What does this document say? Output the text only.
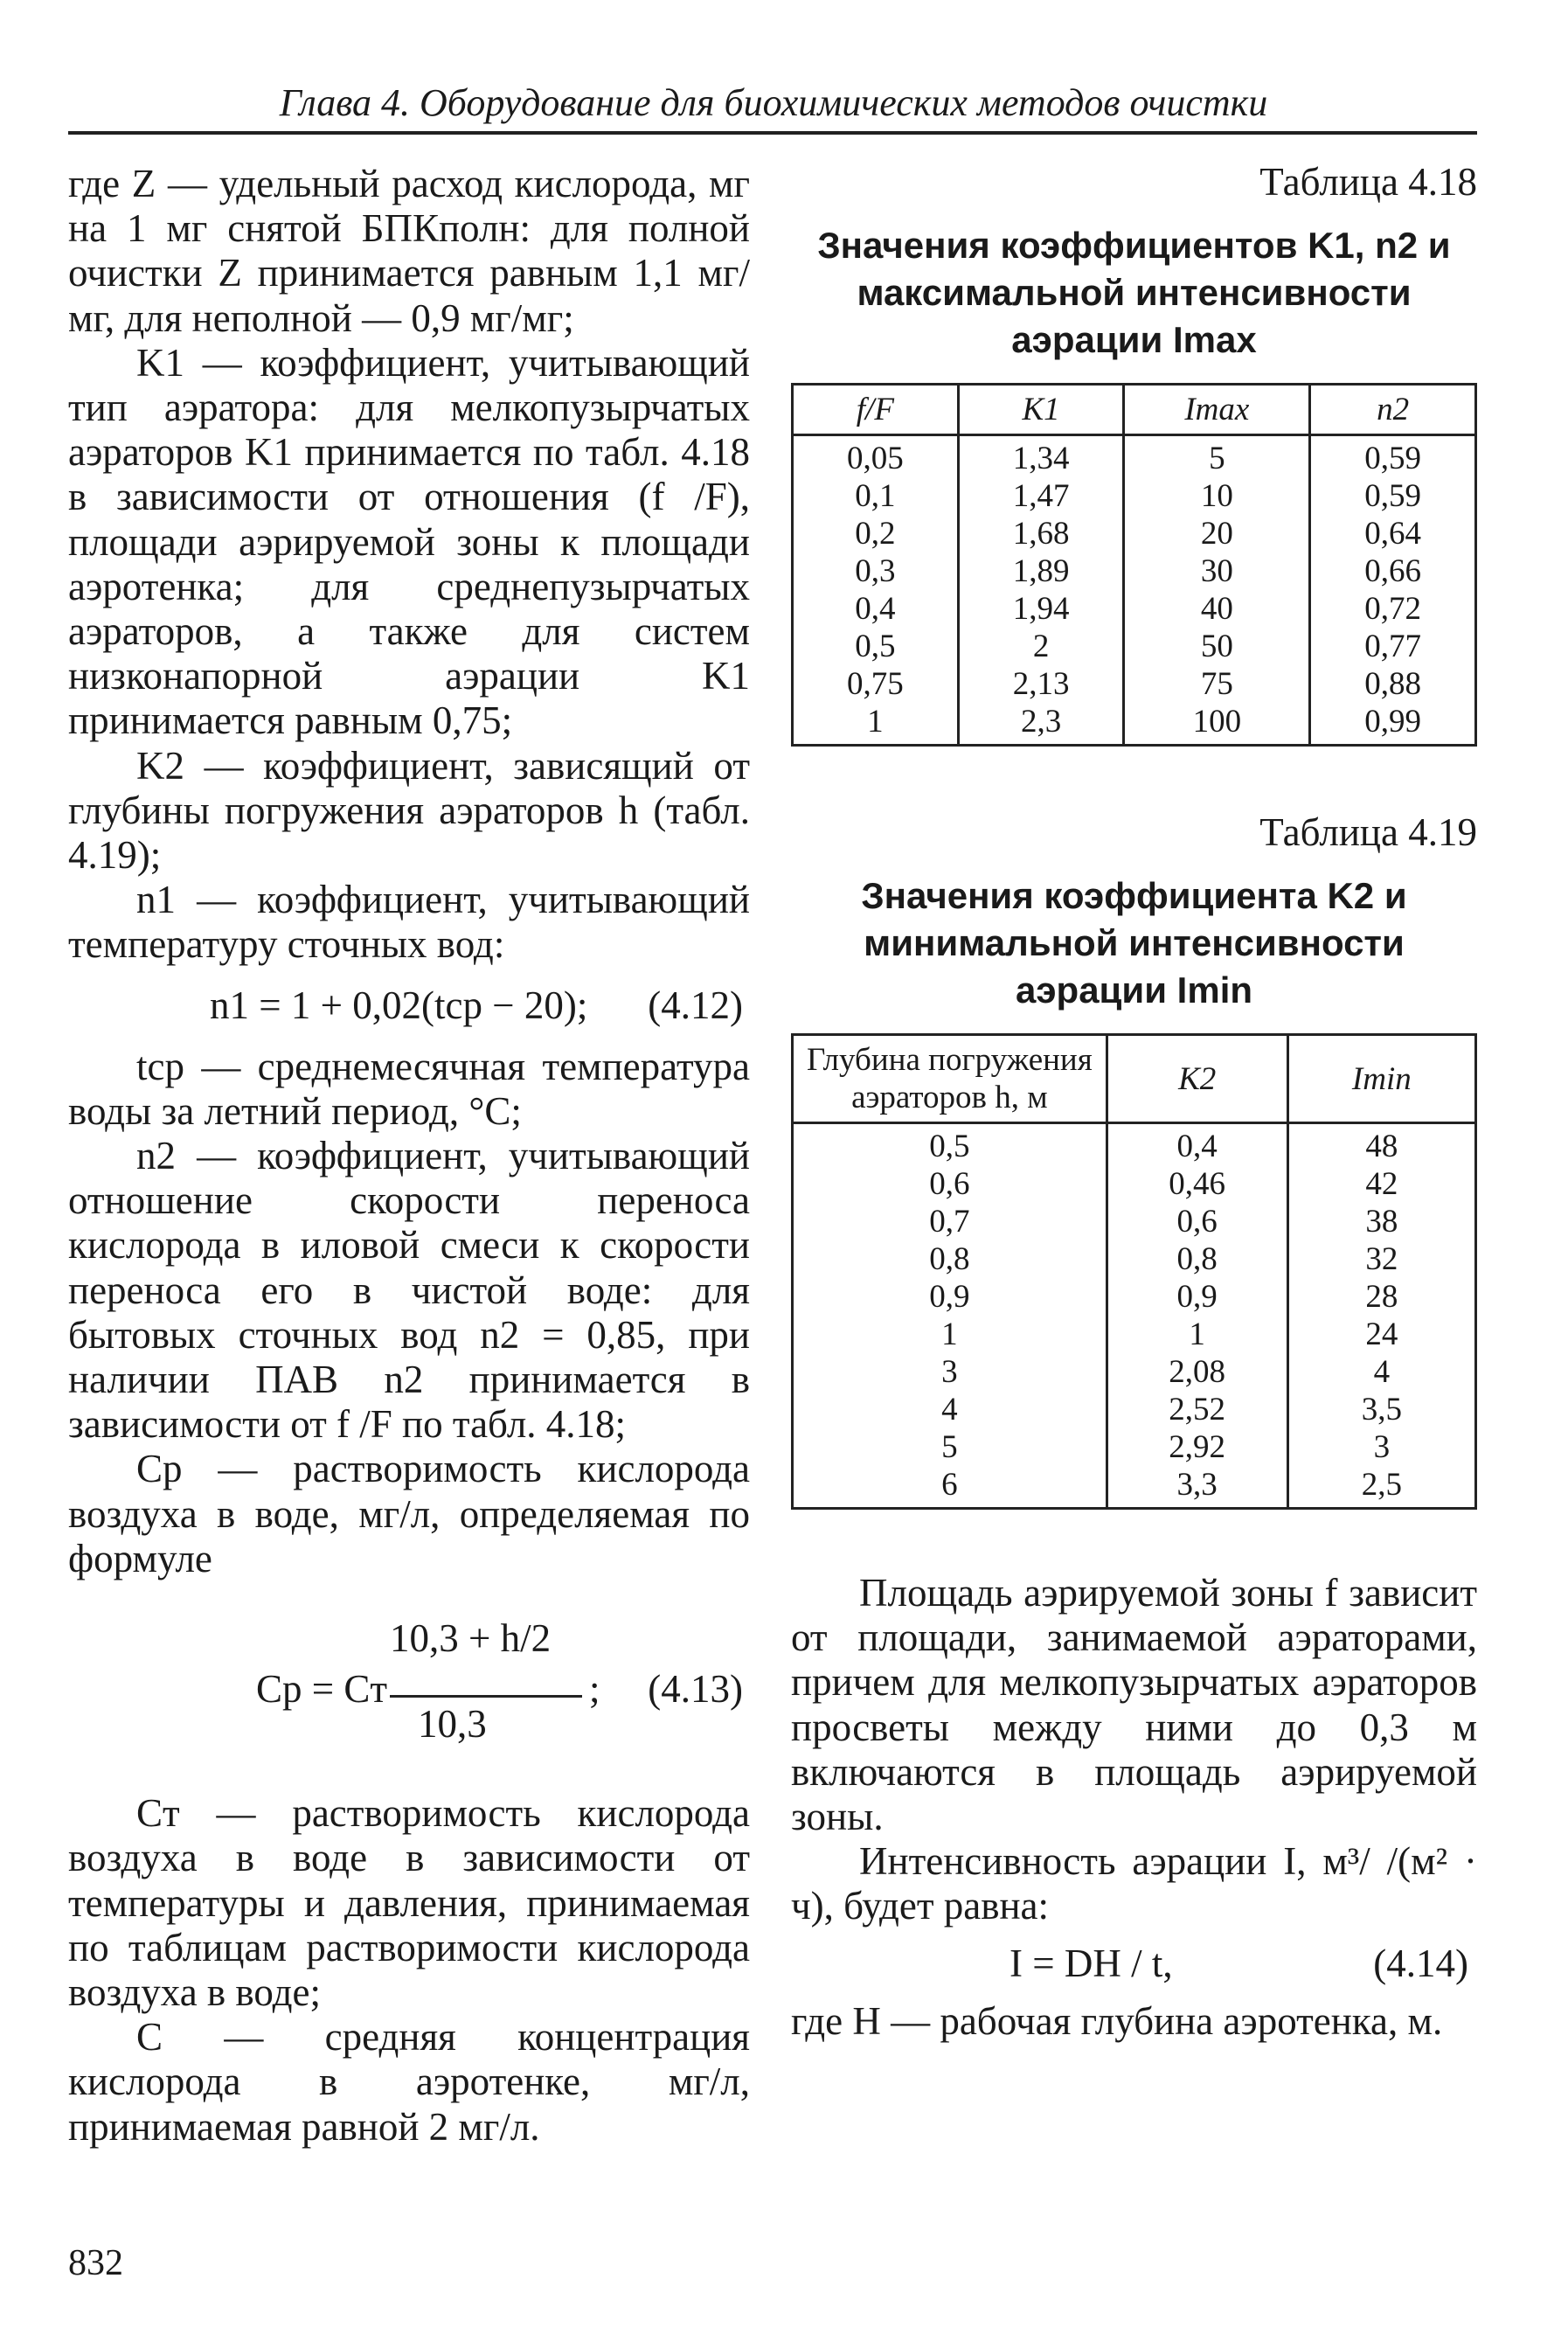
Глава 4. Оборудование для биохимических методов очистки

где Z — удельный расход кислорода, мг на 1 мг снятой БПКполн: для полной очистки Z принимается равным 1,1 мг/мг, для неполной — 0,9 мг/мг;

K1 — коэффициент, учитывающий тип аэратора: для мелкопузырчатых аэраторов K1 принимается по табл. 4.18 в зависимости от отношения (f /F), площади аэрируемой зоны к площади аэротенка; для среднепузырчатых аэраторов, а также для систем низконапорной аэрации K1 принимается равным 0,75;

K2 — коэффициент, зависящий от глубины погружения аэраторов h (табл. 4.19);

n1 — коэффициент, учитывающий температуру сточных вод:

n1 = 1 + 0,02(tср − 20); (4.12)

tср — среднемесячная температура воды за летний период, °С;

n2 — коэффициент, учитывающий отношение скорости переноса кислорода в иловой смеси к скорости переноса его в чистой воде: для бытовых сточных вод n2 = 0,85, при наличии ПАВ n2 принимается в зависимости от f /F по табл. 4.18;

Cр — растворимость кислорода воздуха в воде, мг/л, определяемая по формуле

Cр = Cт
10,3 + h/2
10,3
; (4.13)

Cт — растворимость кислорода воздуха в воде в зависимости от температуры и давления, принимаемая по таблицам растворимости кислорода воздуха в воде;

C — средняя концентрация кислорода в аэротенке, мг/л, принимаемая равной 2 мг/л.

Таблица 4.18

Значения коэффициентов K1, n2 и максимальной интенсивности аэрации Imax
f/F	K1	Imax	n2
0,05	1,34	5	0,59
0,1	1,47	10	0,59
0,2	1,68	20	0,64
0,3	1,89	30	0,66
0,4	1,94	40	0,72
0,5	2	50	0,77
0,75	2,13	75	0,88
1	2,3	100	0,99

Таблица 4.19

Значения коэффициента K2 и минимальной интенсивности аэрации Imin
Глубина погружения аэраторов h, м	K2	Imin
0,5	0,4	48
0,6	0,46	42
0,7	0,6	38
0,8	0,8	32
0,9	0,9	28
1	1	24
3	2,08	4
4	2,52	3,5
5	2,92	3
6	3,3	2,5

Площадь аэрируемой зоны f зависит от площади, занимаемой аэраторами, причем для мелкопузырчатых аэраторов просветы между ними до 0,3 м включаются в площадь аэрируемой зоны.

Интенсивность аэрации I, м³/ /(м² · ч), будет равна:

I = DH / t,	(4.14)

где H — рабочая глубина аэротенка, м.

832
